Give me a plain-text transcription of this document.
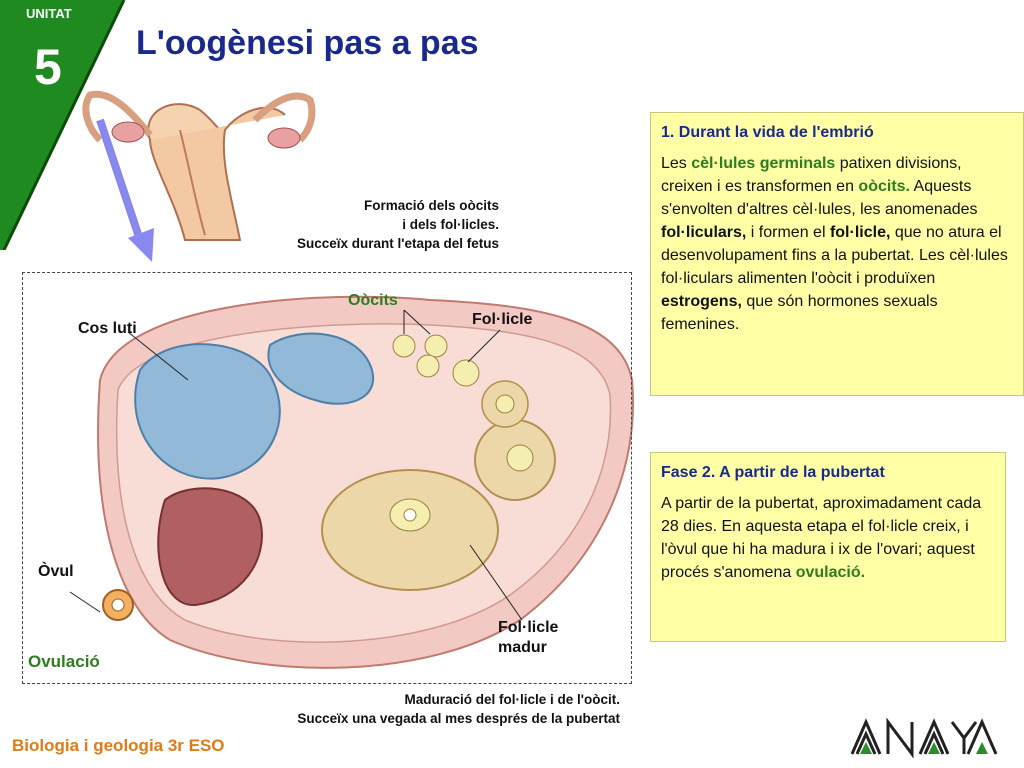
UNITAT
5 L'oogènesi pas a pas
Formació dels oòcits
i dels fol·licles.
Succeïx durant l'etapa del fetus
Oòcits
Fol·licle
Cos luti
Òvul
Ovulació
Fol·licle
madur
Maduració del fol·licle i de l'oòcit.
Succeïx una vegada al mes després de la pubertat

1. Durant la vida de l'embrió

Les cèl·lules germinals patixen divisions, creixen i es transformen en oòcits. Aquests s'envolten d'altres cèl·lules, les anomenades fol·liculars, i formen el fol·licle, que no atura el desenvolupament fins a la pubertat. Les cèl·lules fol·liculars alimenten l'oòcit i produïxen estrogens, que són hormones sexuals femenines.

Fase 2. A partir de la pubertat

A partir de la pubertat, aproximadament cada 28 dies. En aquesta etapa el fol·licle creix, i l'òvul que hi ha madura i ix de l'ovari; aquest procés s'anomena ovulació.

Biologia i geologia 3r ESO
